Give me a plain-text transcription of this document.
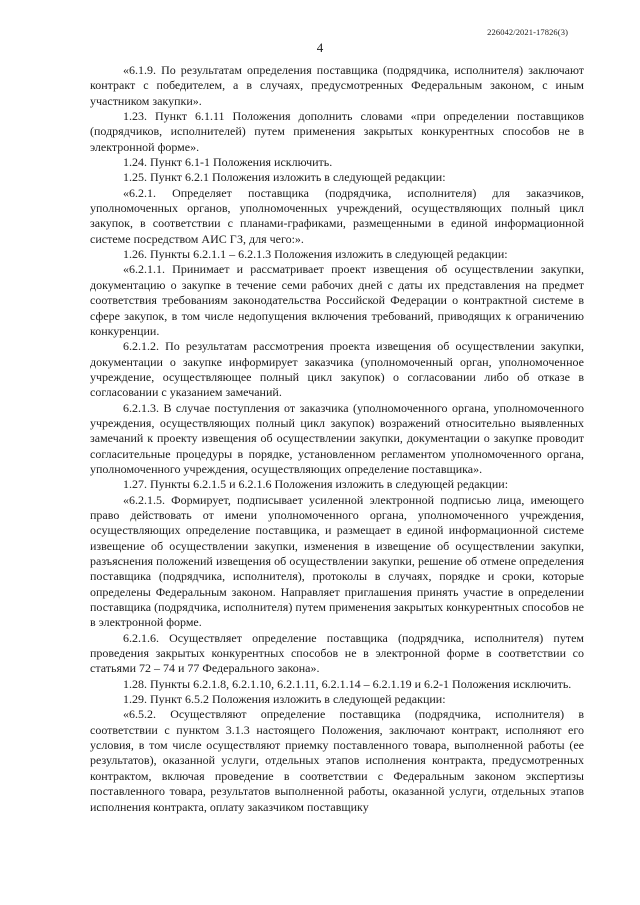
226042/2021-17826(3)
4

«6.1.9. По результатам определения поставщика (подрядчика, исполнителя) заключают контракт с победителем, а в случаях, предусмотренных Федеральным законом, с иным участником закупки».

1.23. Пункт 6.1.11 Положения дополнить словами «при определении поставщиков (подрядчиков, исполнителей) путем применения закрытых конкурентных способов не в электронной форме».

1.24. Пункт 6.1-1 Положения исключить.

1.25. Пункт 6.2.1 Положения изложить в следующей редакции:

«6.2.1. Определяет поставщика (подрядчика, исполнителя) для заказчиков, уполномоченных органов, уполномоченных учреждений, осуществляющих полный цикл закупок, в соответствии с планами-графиками, размещенными в единой информационной системе посредством АИС ГЗ, для чего:».

1.26. Пункты 6.2.1.1 – 6.2.1.3 Положения изложить в следующей редакции:

«6.2.1.1. Принимает и рассматривает проект извещения об осуществлении закупки, документацию о закупке в течение семи рабочих дней с даты их представления на предмет соответствия требованиям законодательства Российской Федерации о контрактной системе в сфере закупок, в том числе недопущения включения требований, приводящих к ограничению конкуренции.

6.2.1.2. По результатам рассмотрения проекта извещения об осуществлении закупки, документации о закупке информирует заказчика (уполномоченный орган, уполномоченное учреждение, осуществляющее полный цикл закупок) о согласовании либо об отказе в согласовании с указанием замечаний.

6.2.1.3. В случае поступления от заказчика (уполномоченного органа, уполномоченного учреждения, осуществляющих полный цикл закупок) возражений относительно выявленных замечаний к проекту извещения об осуществлении закупки, документации о закупке проводит согласительные процедуры в порядке, установленном регламентом уполномоченного органа, уполномоченного учреждения, осуществляющих определение поставщика».

1.27. Пункты 6.2.1.5 и 6.2.1.6 Положения изложить в следующей редакции:

«6.2.1.5. Формирует, подписывает усиленной электронной подписью лица, имеющего право действовать от имени уполномоченного органа, уполномоченного учреждения, осуществляющих определение поставщика, и размещает в единой информационной системе извещение об осуществлении закупки, изменения в извещение об осуществлении закупки, разъяснения положений извещения об осуществлении закупки, решение об отмене определения поставщика (подрядчика, исполнителя), протоколы в случаях, порядке и сроки, которые определены Федеральным законом. Направляет приглашения принять участие в определении поставщика (подрядчика, исполнителя) путем применения закрытых конкурентных способов не в электронной форме.

6.2.1.6. Осуществляет определение поставщика (подрядчика, исполнителя) путем проведения закрытых конкурентных способов не в электронной форме в соответствии со статьями 72 – 74 и 77 Федерального закона».

1.28. Пункты 6.2.1.8, 6.2.1.10, 6.2.1.11, 6.2.1.14 – 6.2.1.19 и 6.2-1 Положения исключить.

1.29. Пункт 6.5.2 Положения изложить в следующей редакции:

«6.5.2. Осуществляют определение поставщика (подрядчика, исполнителя) в соответствии с пунктом 3.1.3 настоящего Положения, заключают контракт, исполняют его условия, в том числе осуществляют приемку поставленного товара, выполненной работы (ее результатов), оказанной услуги, отдельных этапов исполнения контракта, предусмотренных контрактом, включая проведение в соответствии с Федеральным законом экспертизы поставленного товара, результатов выполненной работы, оказанной услуги, отдельных этапов исполнения контракта, оплату заказчиком поставщику
